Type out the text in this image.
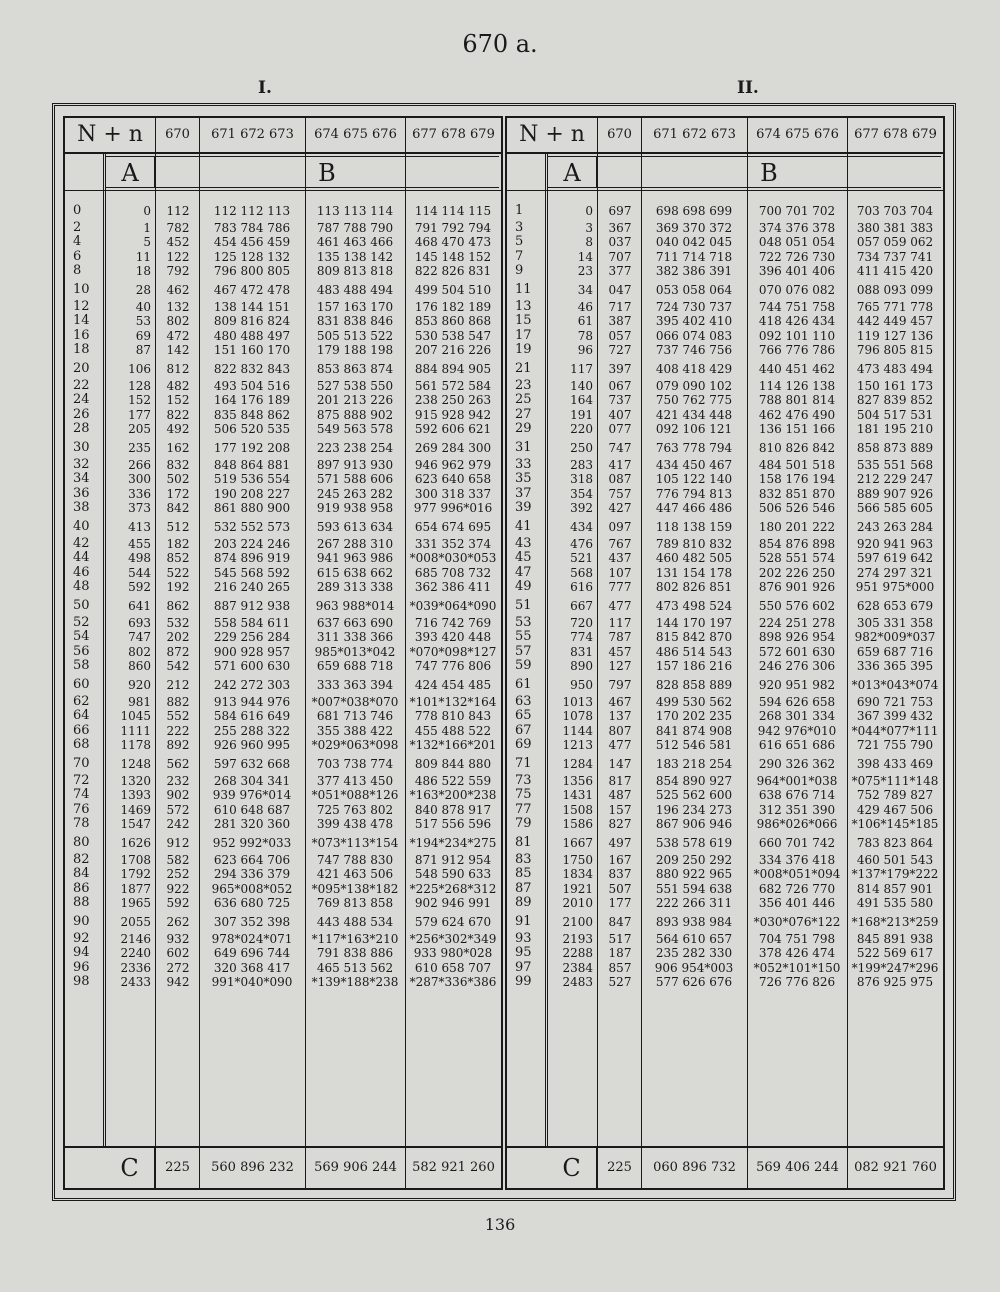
670 a.
I.	II.
N + n	670	671 672 673	674 675 676	677 678 679
A	B
0	0	112	112 112 113	113 113 114	114 114 115
2	1	782	783 784 786	787 788 790	791 792 794
4	5	452	454 456 459	461 463 466	468 470 473
6	11	122	125 128 132	135 138 142	145 148 152
8	18	792	796 800 805	809 813 818	822 826 831
10	28	462	467 472 478	483 488 494	499 504 510
12	40	132	138 144 151	157 163 170	176 182 189
14	53	802	809 816 824	831 838 846	853 860 868
16	69	472	480 488 497	505 513 522	530 538 547
18	87	142	151 160 170	179 188 198	207 216 226
20	106	812	822 832 843	853 863 874	884 894 905
22	128	482	493 504 516	527 538 550	561 572 584
24	152	152	164 176 189	201 213 226	238 250 263
26	177	822	835 848 862	875 888 902	915 928 942
28	205	492	506 520 535	549 563 578	592 606 621
30	235	162	177 192 208	223 238 254	269 284 300
32	266	832	848 864 881	897 913 930	946 962 979
34	300	502	519 536 554	571 588 606	623 640 658
36	336	172	190 208 227	245 263 282	300 318 337
38	373	842	861 880 900	919 938 958	977 996*016
40	413	512	532 552 573	593 613 634	654 674 695
42	455	182	203 224 246	267 288 310	331 352 374
44	498	852	874 896 919	941 963 986	*008*030*053
46	544	522	545 568 592	615 638 662	685 708 732
48	592	192	216 240 265	289 313 338	362 386 411
50	641	862	887 912 938	963 988*014	*039*064*090
52	693	532	558 584 611	637 663 690	716 742 769
54	747	202	229 256 284	311 338 366	393 420 448
56	802	872	900 928 957	985*013*042	*070*098*127
58	860	542	571 600 630	659 688 718	747 776 806
60	920	212	242 272 303	333 363 394	424 454 485
62	981	882	913 944 976	*007*038*070 *101*132*164
64	1045	552	584 616 649	681 713 746	778 810 843
66	1111	222	255 288 322	355 388 422	455 488 522
68	1178	892	926 960 995	*029*063*098 *132*166*201
70	1248	562	597 632 668	703 738 774	809 844 880
72	1320	232	268 304 341	377 413 450	486 522 559
74	1393	902	939 976*014	*051*088*126 *163*200*238
76	1469	572	610 648 687	725 763 802	840 878 917
78	1547	242	281 320 360	399 438 478	517 556 596
80	1626	912	952 992*033	*073*113*154 *194*234*275
82	1708	582	623 664 706	747 788 830	871 912 954
84	1792	252	294 336 379	421 463 506	548 590 633
86	1877	922	965*008*052	*095*138*182 *225*268*312
88	1965	592	636 680 725	769 813 858	902 946 991
90	2055	262	307 352 398	443 488 534	579 624 670
92	2146	932	978*024*071	*117*163*210 *256*302*349
94	2240	602	649 696 744	791 838 886	933 980*028
96	2336	272	320 368 417	465 513 562	610 658 707
98	2433	942	991*040*090	*139*188*238 *287*336*386
C	225	560 896 232	569 906 244	582 921 260
N + n	670	671 672 673	674 675 676	677 678 679
A	B
1	0	697	698 698 699	700 701 702	703 703 704
3	3	367	369 370 372	374 376 378	380 381 383
5	8	037	040 042 045	048 051 054	057 059 062
7	14	707	711 714 718	722 726 730	734 737 741
9	23	377	382 386 391	396 401 406	411 415 420
11	34	047	053 058 064	070 076 082	088 093 099
13	46	717	724 730 737	744 751 758	765 771 778
15	61	387	395 402 410	418 426 434	442 449 457
17	78	057	066 074 083	092 101 110	119 127 136
19	96	727	737 746 756	766 776 786	796 805 815
21	117	397	408 418 429	440 451 462	473 483 494
23	140	067	079 090 102	114 126 138	150 161 173
25	164	737	750 762 775	788 801 814	827 839 852
27	191	407	421 434 448	462 476 490	504 517 531
29	220	077	092 106 121	136 151 166	181 195 210
31	250	747	763 778 794	810 826 842	858 873 889
33	283	417	434 450 467	484 501 518	535 551 568
35	318	087	105 122 140	158 176 194	212 229 247
37	354	757	776 794 813	832 851 870	889 907 926
39	392	427	447 466 486	506 526 546	566 585 605
41	434	097	118 138 159	180 201 222	243 263 284
43	476	767	789 810 832	854 876 898	920 941 963
45	521	437	460 482 505	528 551 574	597 619 642
47	568	107	131 154 178	202 226 250	274 297 321
49	616	777	802 826 851	876 901 926	951 975*000
51	667	477	473 498 524	550 576 602	628 653 679
53	720	117	144 170 197	224 251 278	305 331 358
55	774	787	815 842 870	898 926 954	982*009*037
57	831	457	486 514 543	572 601 630	659 687 716
59	890	127	157 186 216	246 276 306	336 365 395
61	950	797	828 858 889	920 951 982	*013*043*074
63	1013	467	499 530 562	594 626 658	690 721 753
65	1078	137	170 202 235	268 301 334	367 399 432
67	1144	807	841 874 908	942 976*010	*044*077*111
69	1213	477	512 546 581	616 651 686	721 755 790
71	1284	147	183 218 254	290 326 362	398 433 469
73	1356	817	854 890 927	964*001*038	*075*111*148
75	1431	487	525 562 600	638 676 714	752 789 827
77	1508	157	196 234 273	312 351 390	429 467 506
79	1586	827	867 906 946	986*026*066	*106*145*185
81	1667	497	538 578 619	660 701 742	783 823 864
83	1750	167	209 250 292	334 376 418	460 501 543
85	1834	837	880 922 965	*008*051*094 *137*179*222
87	1921	507	551 594 638	682 726 770	814 857 901
89	2010	177	222 266 311	356 401 446	491 535 580
91	2100	847	893 938 984	*030*076*122 *168*213*259
93	2193	517	564 610 657	704 751 798	845 891 938
95	2288	187	235 282 330	378 426 474	522 569 617
97	2384	857	906 954*003	*052*101*150 *199*247*296
99	2483	527	577 626 676	726 776 826	876 925 975
C	225	060 896 732	569 406 244	082 921 760
136
